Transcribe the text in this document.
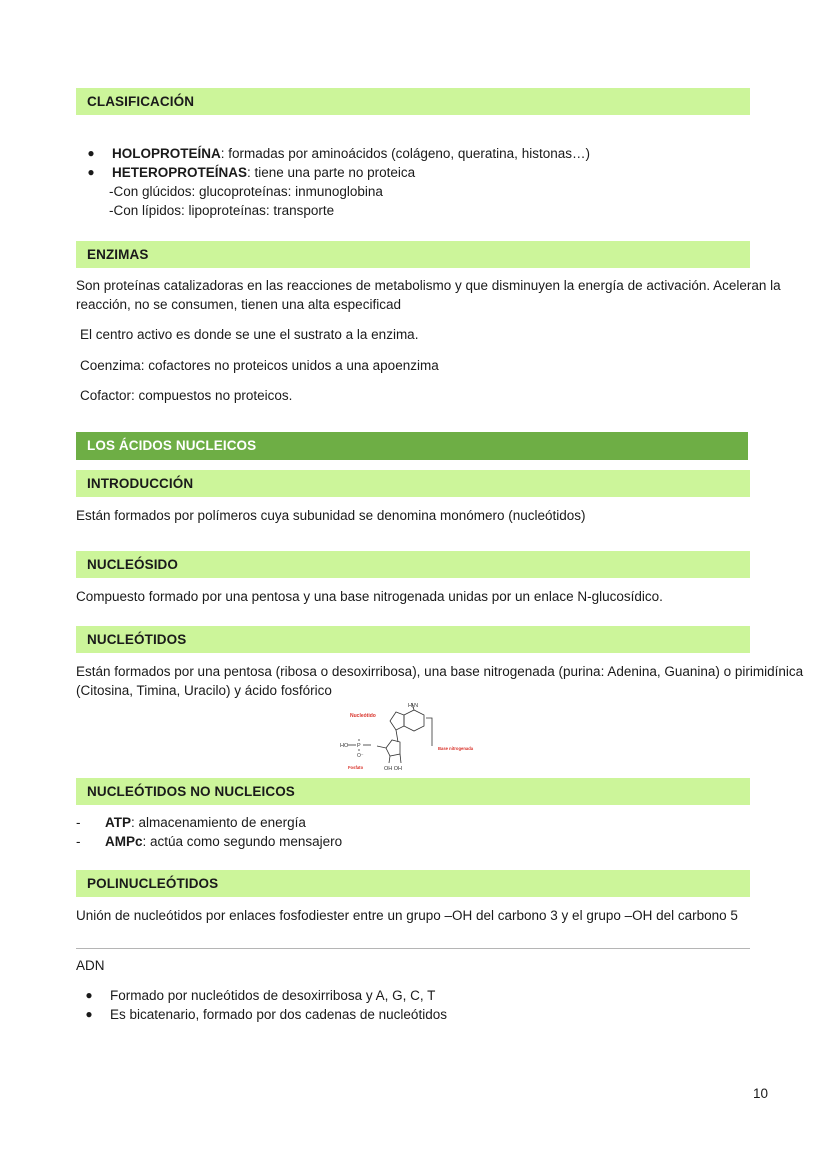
CLASIFICACIÓN
● HOLOPROTEÍNA: formadas por aminoácidos (colágeno, queratina, histonas…)
● HETEROPROTEÍNAS: tiene una parte no proteica
-Con glúcidos: glucoproteínas: inmunoglobina
-Con lípidos: lipoproteínas: transporte
ENZIMAS
Son proteínas catalizadoras en las reacciones de metabolismo y que disminuyen la energía de activación. Aceleran la
reacción, no se consumen, tienen una alta especificad
El centro activo es donde se une el sustrato a la enzima.
Coenzima: cofactores no proteicos unidos a una apoenzima
Cofactor: compuestos no proteicos.
LOS ÁCIDOS NUCLEICOS
INTRODUCCIÓN
Están formados por polímeros cuya subunidad se denomina monómero (nucleótidos)
NUCLEÓSIDO
Compuesto formado por una pentosa y una base nitrogenada unidas por un enlace N-glucosídico.
NUCLEÓTIDOS
Están formados por una pentosa (ribosa o desoxirribosa), una base nitrogenada (purina: Adenina, Guanina) o pirimidínica
(Citosina, Timina, Uracilo) y ácido fosfórico
H₂N
HO P
O⁻
OH OH
Nucleótido
Base nitrogenada
Fosfato
NUCLEÓTIDOS NO NUCLEICOS
- ATP: almacenamiento de energía
- AMPc: actúa como segundo mensajero
POLINUCLEÓTIDOS
Unión de nucleótidos por enlaces fosfodiester entre un grupo –OH del carbono 3 y el grupo –OH del carbono 5
ADN
● Formado por nucleótidos de desoxirribosa y A, G, C, T
● Es bicatenario, formado por dos cadenas de nucleótidos
10
